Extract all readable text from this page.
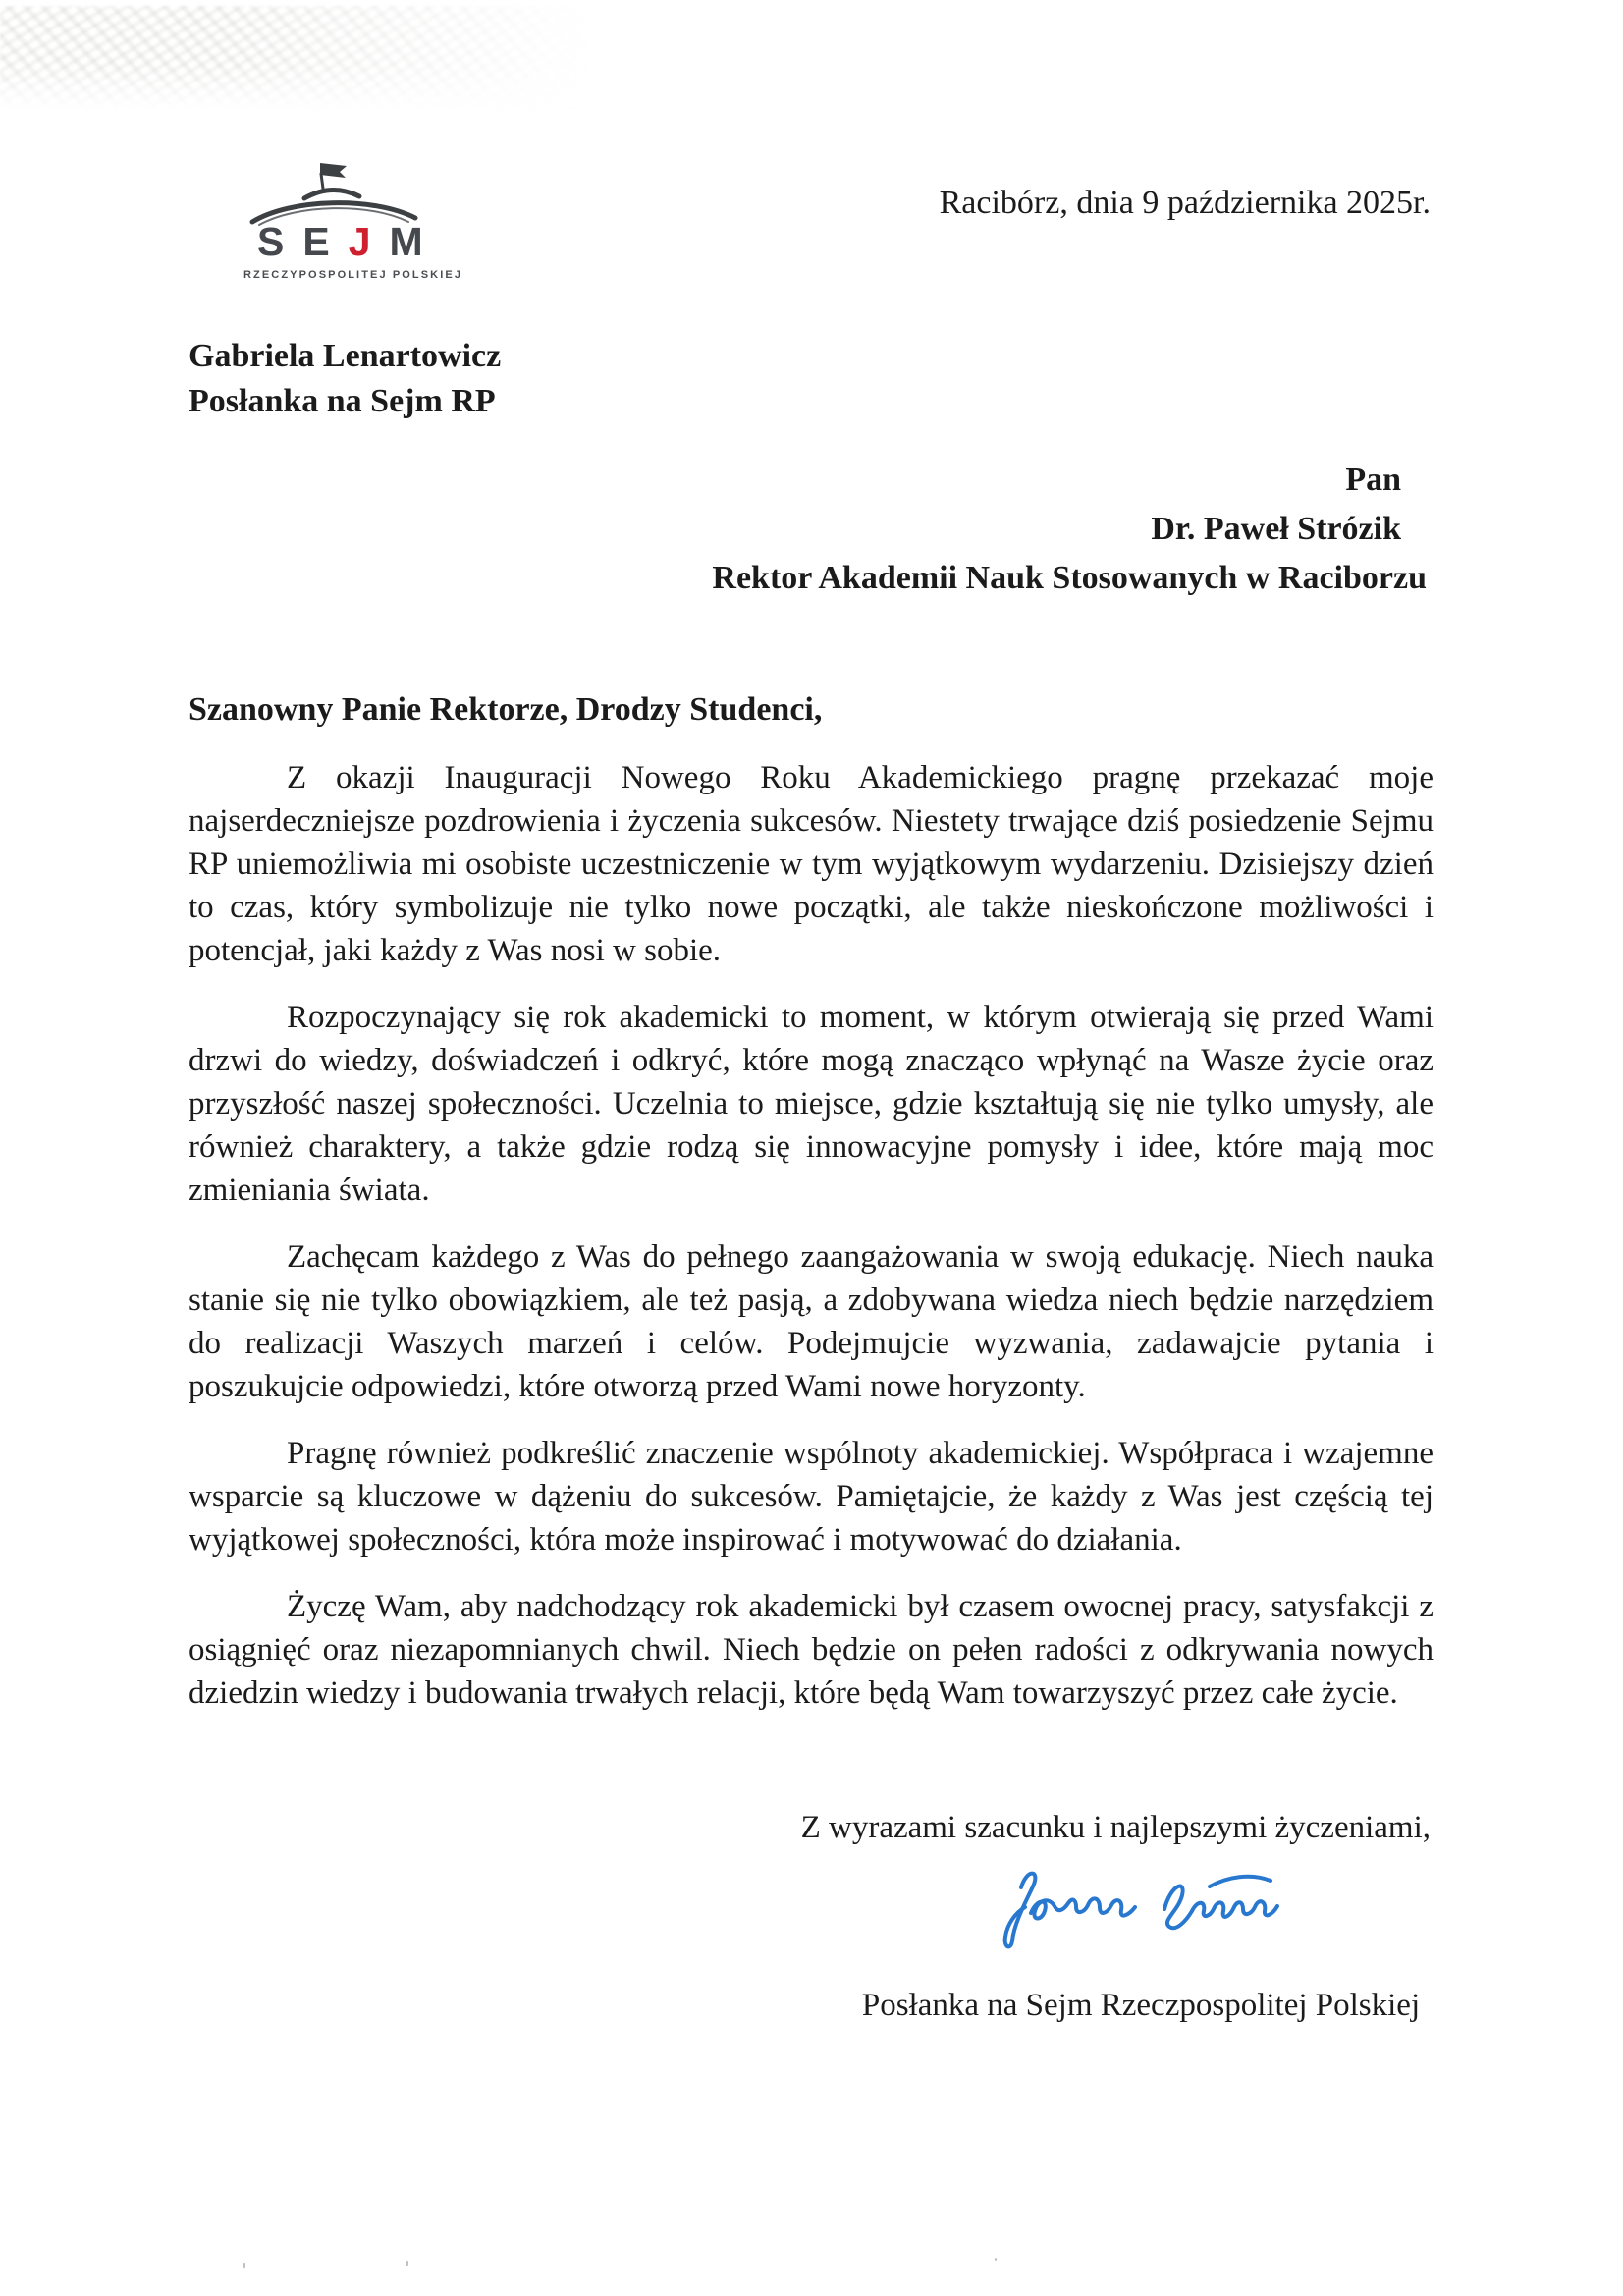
SEJM
RZECZYPOSPOLITEJ POLSKIEJ
Racibórz, dnia 9 października 2025r.
Gabriela Lenartowicz
Posłanka na Sejm RP
Pan
Dr. Paweł Strózik
Rektor Akademii Nauk Stosowanych w Raciborzu
Szanowny Panie Rektorze, Drodzy Studenci,

Z okazji Inauguracji Nowego Roku Akademickiego pragnę przekazać moje najserdeczniejsze pozdrowienia i życzenia sukcesów. Niestety trwające dziś posiedzenie Sejmu RP uniemożliwia mi osobiste uczestniczenie w tym wyjątkowym wydarzeniu. Dzisiejszy dzień to czas, który symbolizuje nie tylko nowe początki, ale także nieskończone możliwości i potencjał, jaki każdy z Was nosi w sobie.

Rozpoczynający się rok akademicki to moment, w którym otwierają się przed Wami drzwi do wiedzy, doświadczeń i odkryć, które mogą znacząco wpłynąć na Wasze życie oraz przyszłość naszej społeczności. Uczelnia to miejsce, gdzie kształtują się nie tylko umysły, ale również charaktery, a także gdzie rodzą się innowacyjne pomysły i idee, które mają moc zmieniania świata.

Zachęcam każdego z Was do pełnego zaangażowania w swoją edukację. Niech nauka stanie się nie tylko obowiązkiem, ale też pasją, a zdobywana wiedza niech będzie narzędziem do realizacji Waszych marzeń i celów. Podejmujcie wyzwania, zadawajcie pytania i poszukujcie odpowiedzi, które otworzą przed Wami nowe horyzonty.

Pragnę również podkreślić znaczenie wspólnoty akademickiej. Współpraca i wzajemne wsparcie są kluczowe w dążeniu do sukcesów. Pamiętajcie, że każdy z Was jest częścią tej wyjątkowej społeczności, która może inspirować i motywować do działania.

Życzę Wam, aby nadchodzący rok akademicki był czasem owocnej pracy, satysfakcji z osiągnięć oraz niezapomnianych chwil. Niech będzie on pełen radości z odkrywania nowych dziedzin wiedzy i budowania trwałych relacji, które będą Wam towarzyszyć przez całe życie.

Z wyrazami szacunku i najlepszymi życzeniami,
Posłanka na Sejm Rzeczpospolitej Polskiej
